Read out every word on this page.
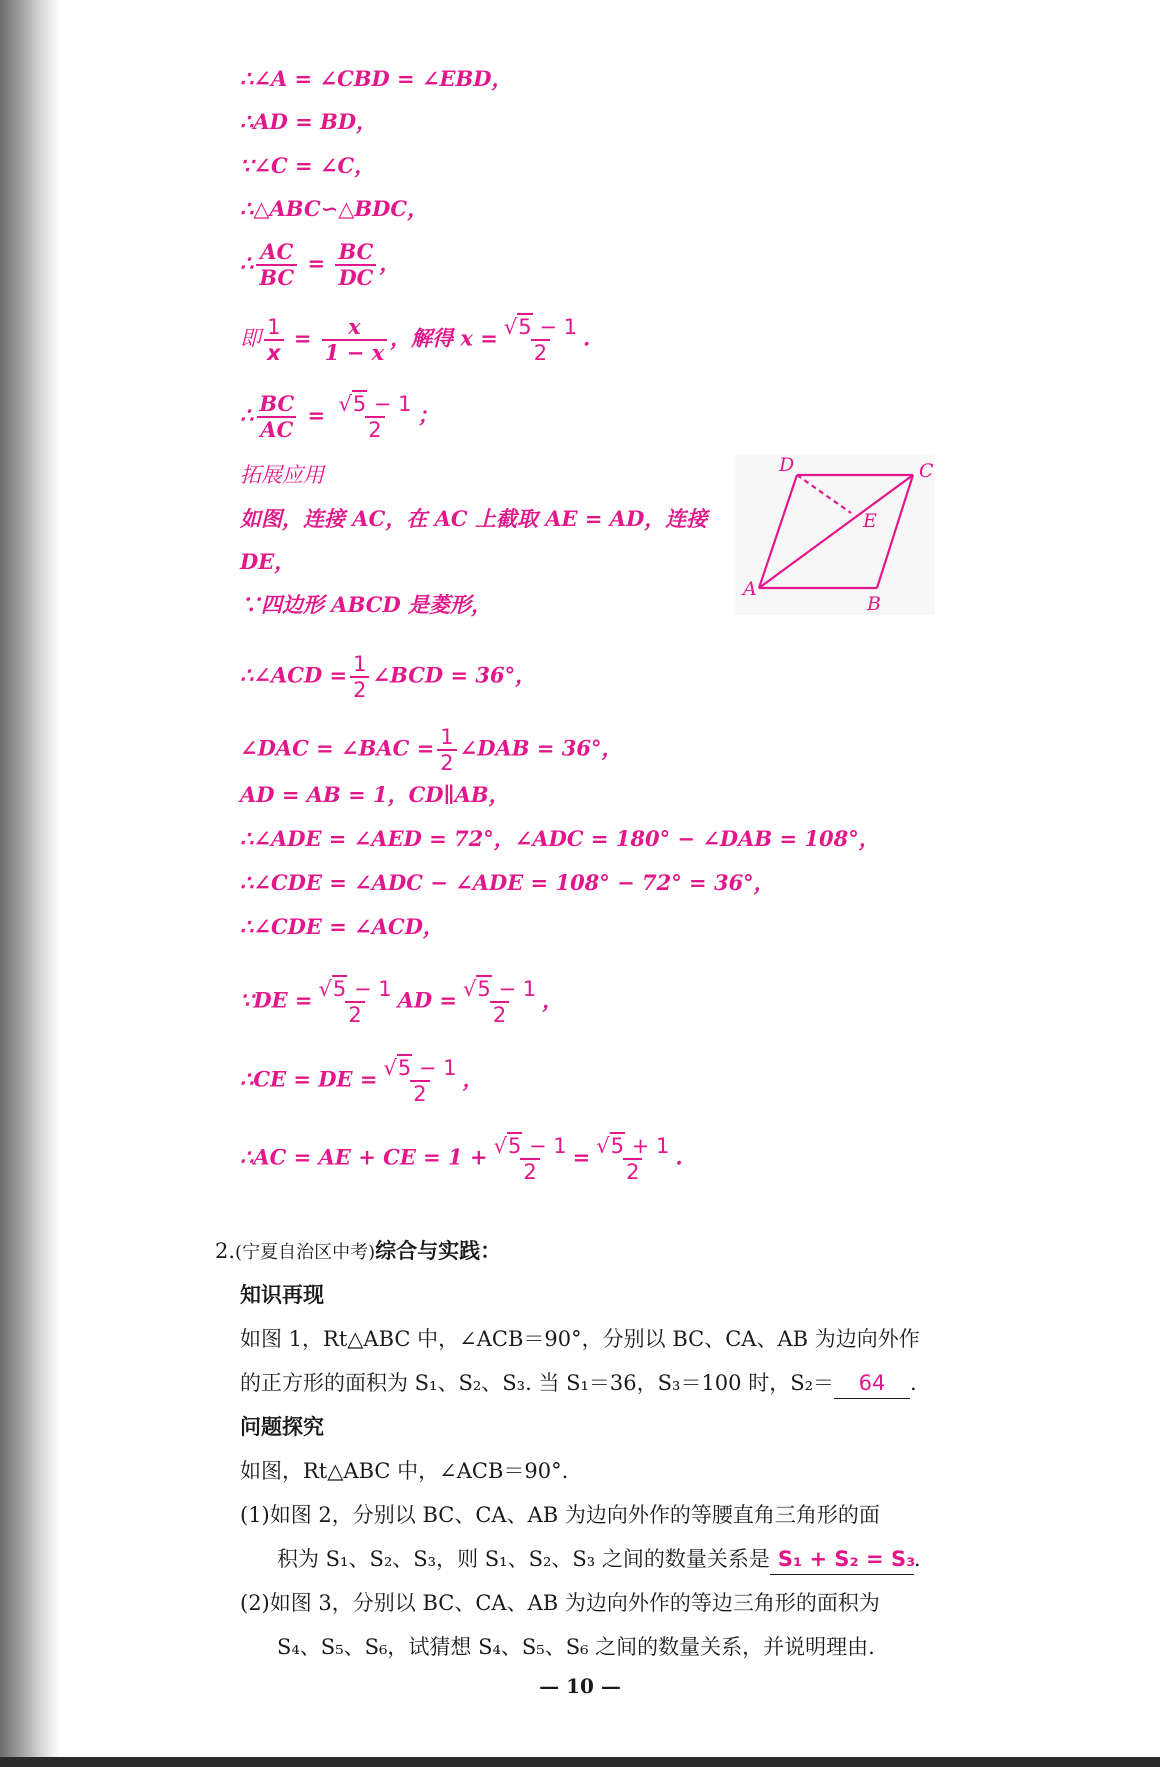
∴∠A = ∠CBD = ∠EBD，
∴AD = BD，
∵∠C = ∠C，
∴△ABC∽△BDC，
∴ $\frac{AC}{BC} = \frac{BC}{DC}$ ，
即 $\frac{1}{x} = \frac{x}{1 - x}$ ，解得 $x = \frac{√5 - 1}{2}$ .
∴ $\frac{BC}{AC} = \frac{√5 - 1}{2}$ ；
拓展应用
如图，连接 AC，在 AC 上截取 AE = AD，连接
DE，
∵四边形 ABCD 是菱形，
∴∠ACD = $\frac{1}{2}$ ∠BCD = 36°，
∠DAC = ∠BAC = $\frac{1}{2}$ ∠DAB = 36°，
AD = AB = 1，CD∥AB，
∴∠ADE = ∠AED = 72°，∠ADC = 180° − ∠DAB = 108°，
∴∠CDE = ∠ADC − ∠ADE = 108° − 72° = 36°，
∴∠CDE = ∠ACD，
∵DE = $\frac{√5 - 1}{2}$ AD = $\frac{√5 - 1}{2}$ ，
∴CE = DE = $\frac{√5 - 1}{2}$ ，
∴AC = AE + CE = $1 + \frac{√5 - 1}{2} = \frac{√5 + 1}{2}$ .
A
B
C
D
E
2.(宁夏自治区中考)综合与实践：
知识再现
如图 1，Rt△ABC 中，∠ACB＝90°，分别以 BC、CA、AB 为边向外作
的正方形的面积为 S₁、S₂、S₃. 当 S₁＝36，S₃＝100 时，S₂＝ 64 .
问题探究
如图，Rt△ABC 中，∠ACB＝90°.
(1)如图 2，分别以 BC、CA、AB 为边向外作的等腰直角三角形的面
积为 S₁、S₂、S₃，则 S₁、S₂、S₃ 之间的数量关系是 S₁ + S₂ = S₃.
(2)如图 3，分别以 BC、CA、AB 为边向外作的等边三角形的面积为
S₄、S₅、S₆，试猜想 S₄、S₅、S₆ 之间的数量关系，并说明理由.
— 10 —
